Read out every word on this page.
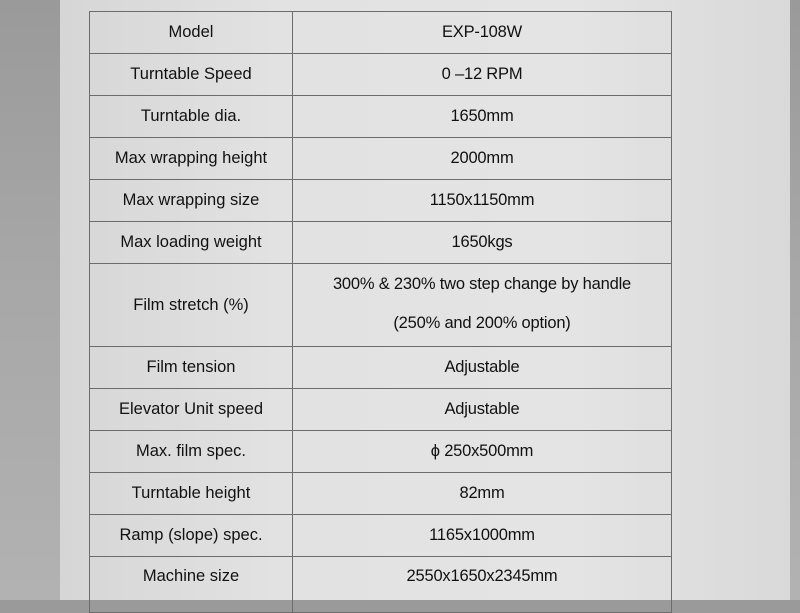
Model	EXP-108W
Turntable Speed	0 –12 RPM
Turntable dia.	1650mm
Max wrapping height	2000mm
Max wrapping size	1150x1150mm
Max loading weight	1650kgs
Film stretch (%)	300% & 230% two step change by handle
(250% and 200% option)

Film tension	Adjustable
Elevator Unit speed	Adjustable
Max. film spec.	ϕ 250x500mm
Turntable height	82mm
Ramp (slope) spec.	1165x1000mm
Machine size	2550x1650x2345mm
